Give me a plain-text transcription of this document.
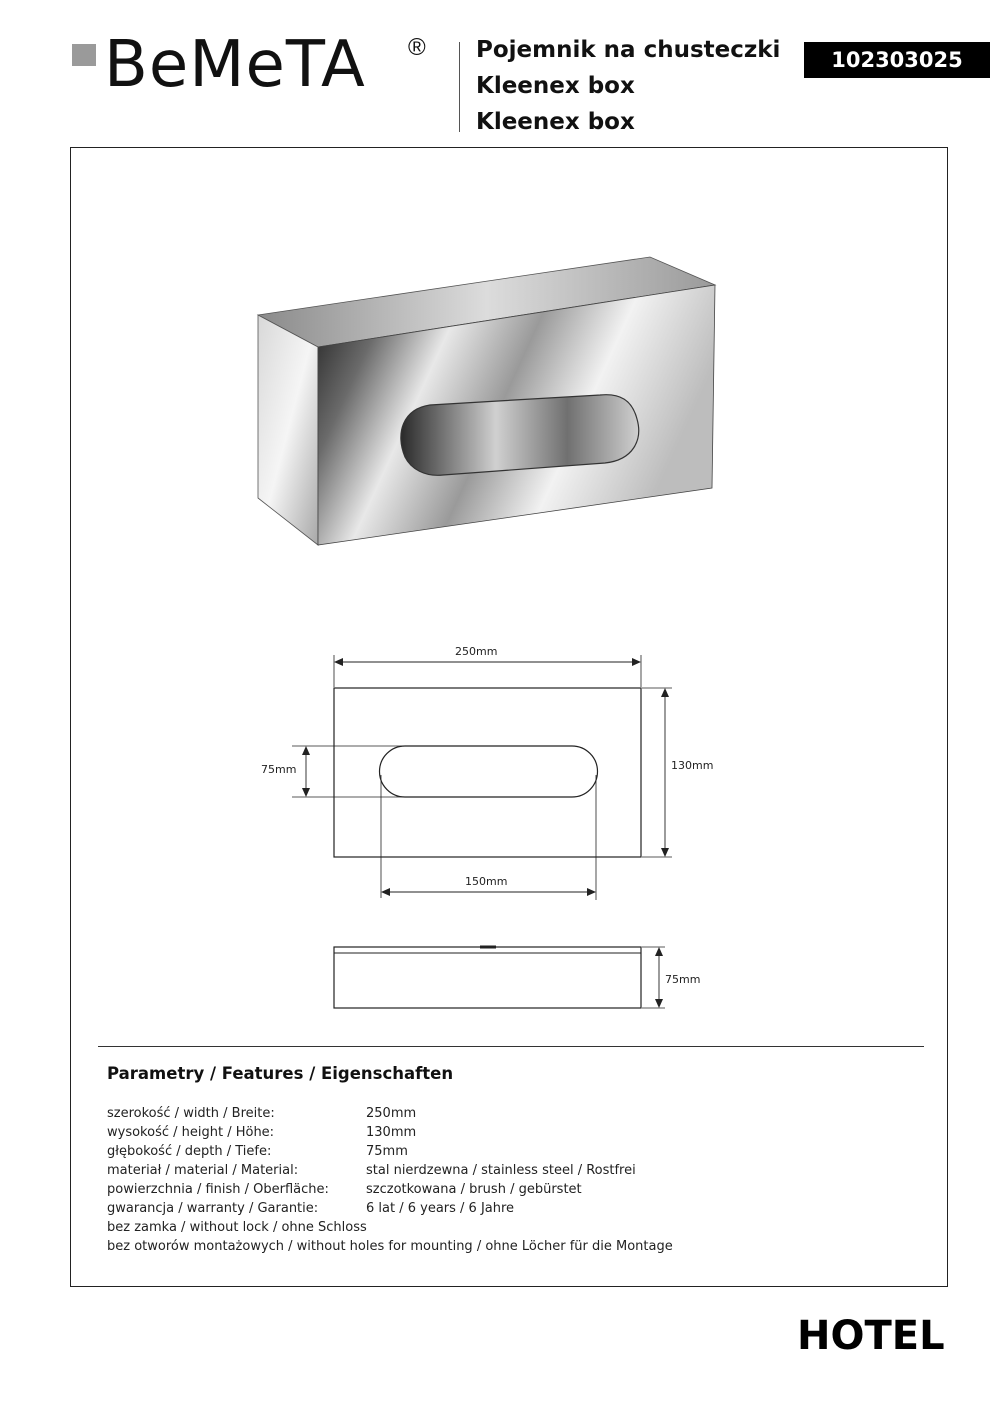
BeMeTA ® Pojemnik na chusteczki
Kleenex box
Kleenex box
102303025
250mm
130mm
75mm
150mm
75mm
Parametry / Features / Eigenschaften
szerokość / width / Breite:	250mm
wysokość / height / Höhe:	130mm
głębokość / depth / Tiefe:	75mm
materiał / material / Material:	stal nierdzewna / stainless steel / Rostfrei
powierzchnia / finish / Oberfläche:	szczotkowana / brush / gebürstet
gwarancja / warranty / Garantie:	6 lat / 6 years / 6 Jahre
bez zamka / without lock / ohne Schloss
bez otworów montażowych / without holes for mounting / ohne Löcher für die Montage
HOTEL
